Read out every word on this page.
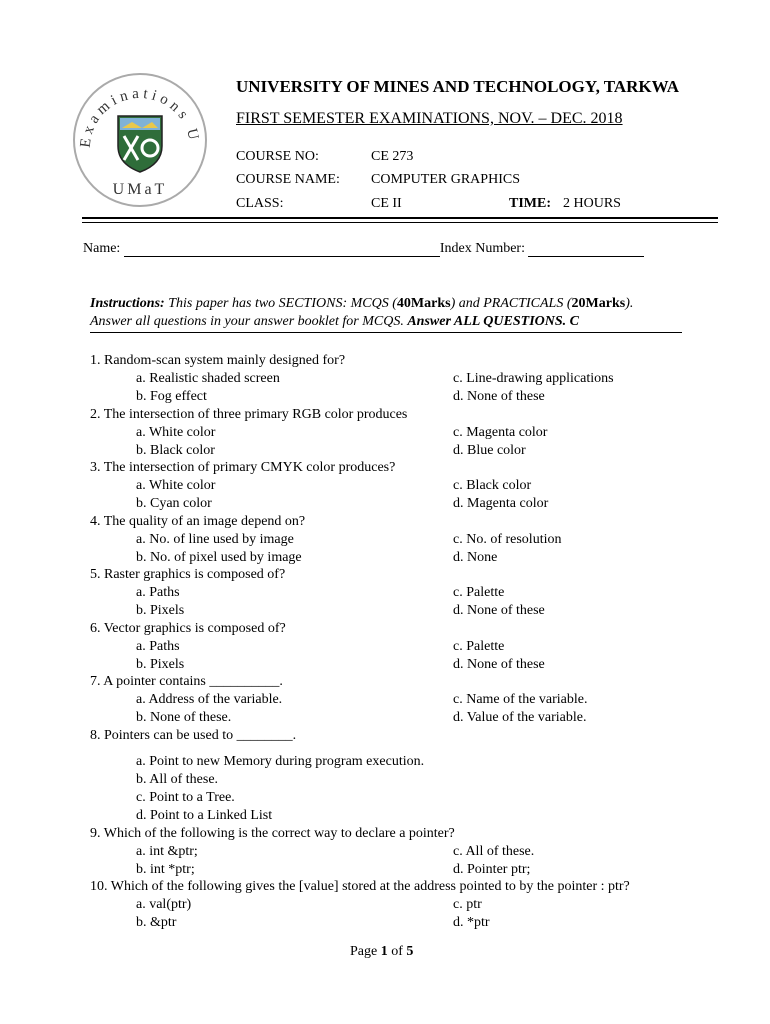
Examinations U
UMaT
UNIVERSITY OF MINES AND TECHNOLOGY, TARKWA
FIRST SEMESTER EXAMINATIONS, NOV. – DEC. 2018
COURSE NO:	CE 273
COURSE NAME: COMPUTER GRAPHICS
CLASS:	CE II	TIME: 2 HOURS
Name:	Index Number:
Instructions: This paper has two SECTIONS: MCQS (40Marks) and PRACTICALS (20Marks).
Answer all questions in your answer booklet for MCQS. Answer ALL QUESTIONS. C
1. Random-scan system mainly designed for?
a. Realistic shaded screen	c. Line-drawing applications
b. Fog effect	d. None of these
2. The intersection of three primary RGB color produces
a. White color	c. Magenta color
b. Black color	d. Blue color
3. The intersection of primary CMYK color produces?
a. White color	c. Black color
b. Cyan color	d. Magenta color
4. The quality of an image depend on?
a. No. of line used by image	c. No. of resolution
b. No. of pixel used by image	d. None
5. Raster graphics is composed of?
a. Paths	c. Palette
b. Pixels	d. None of these
6. Vector graphics is composed of?
a. Paths	c. Palette
b. Pixels	d. None of these
7. A pointer contains __________.
a. Address of the variable.	c. Name of the variable.
b. None of these.	d. Value of the variable.
8. Pointers can be used to ________.
a. Point to new Memory during program execution.
b. All of these.
c. Point to a Tree.
d. Point to a Linked List
9. Which of the following is the correct way to declare a pointer?
a. int &ptr;	c. All of these.
b. int *ptr;	d. Pointer ptr;
10. Which of the following gives the [value] stored at the address pointed to by the pointer : ptr?
a. val(ptr)	c. ptr
b. &ptr	d. *ptr
Page 1 of 5
